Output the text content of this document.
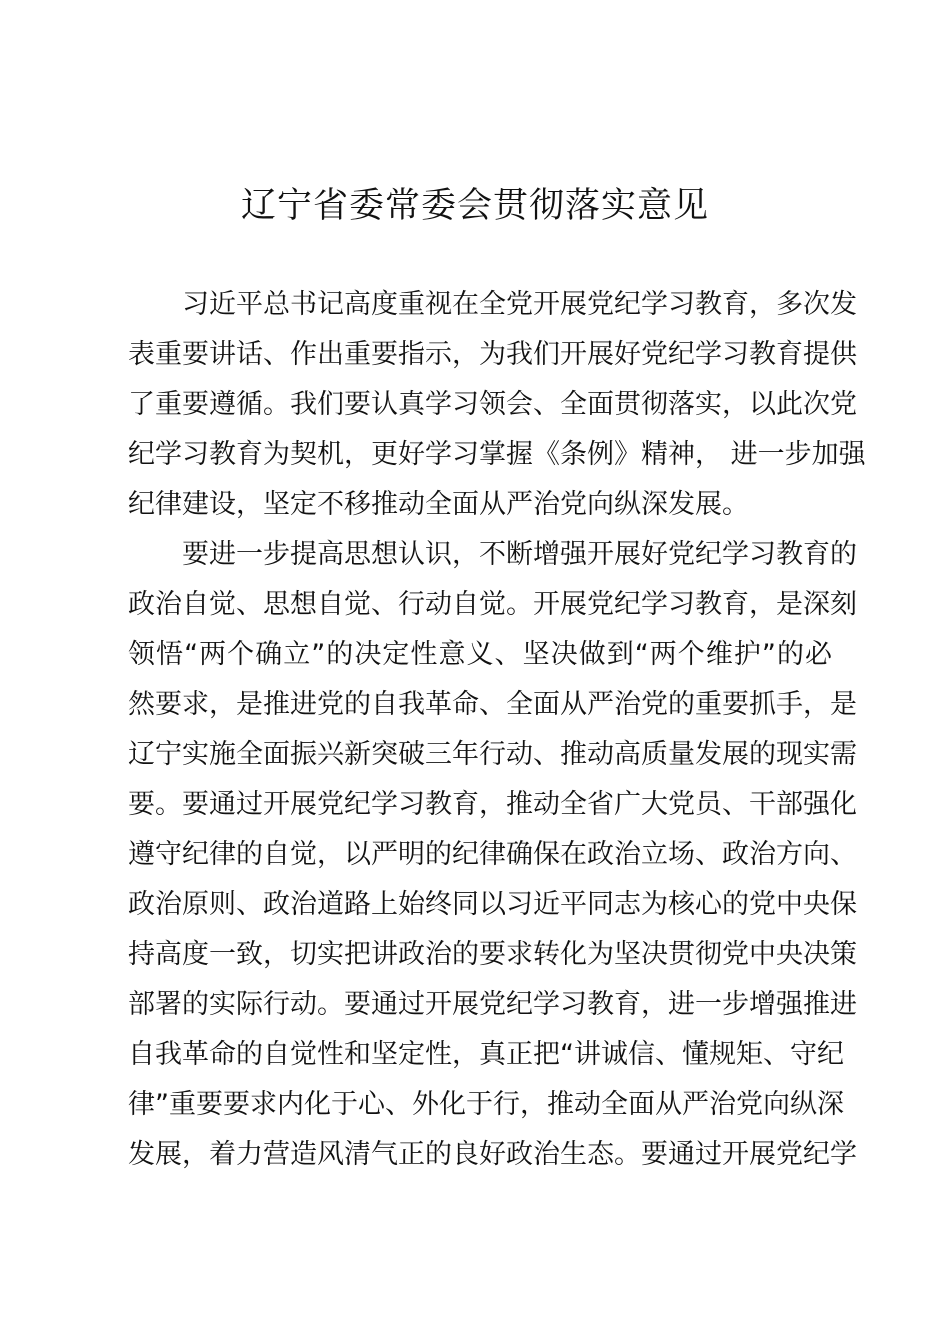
辽宁省委常委会贯彻落实意见
习近平总书记高度重视在全党开展党纪学习教育，多次发
表重要讲话、作出重要指示，为我们开展好党纪学习教育提供
了重要遵循。我们要认真学习领会、全面贯彻落实，以此次党
纪学习教育为契机，更好学习掌握《条例》精神， 进一步加强
纪律建设，坚定不移推动全面从严治党向纵深发展。
要进一步提高思想认识，不断增强开展好党纪学习教育的
政治自觉、思想自觉、行动自觉。开展党纪学习教育，是深刻
领悟“两个确立”的决定性意义、坚决做到“两个维护”的必
然要求，是推进党的自我革命、全面从严治党的重要抓手，是
辽宁实施全面振兴新突破三年行动、推动高质量发展的现实需
要。要通过开展党纪学习教育，推动全省广大党员、干部强化
遵守纪律的自觉，以严明的纪律确保在政治立场、政治方向、
政治原则、政治道路上始终同以习近平同志为核心的党中央保
持高度一致，切实把讲政治的要求转化为坚决贯彻党中央决策
部署的实际行动。要通过开展党纪学习教育，进一步增强推进
自我革命的自觉性和坚定性，真正把“讲诚信、懂规矩、守纪
律”重要要求内化于心、外化于行，推动全面从严治党向纵深
发展，着力营造风清气正的良好政治生态。要通过开展党纪学
